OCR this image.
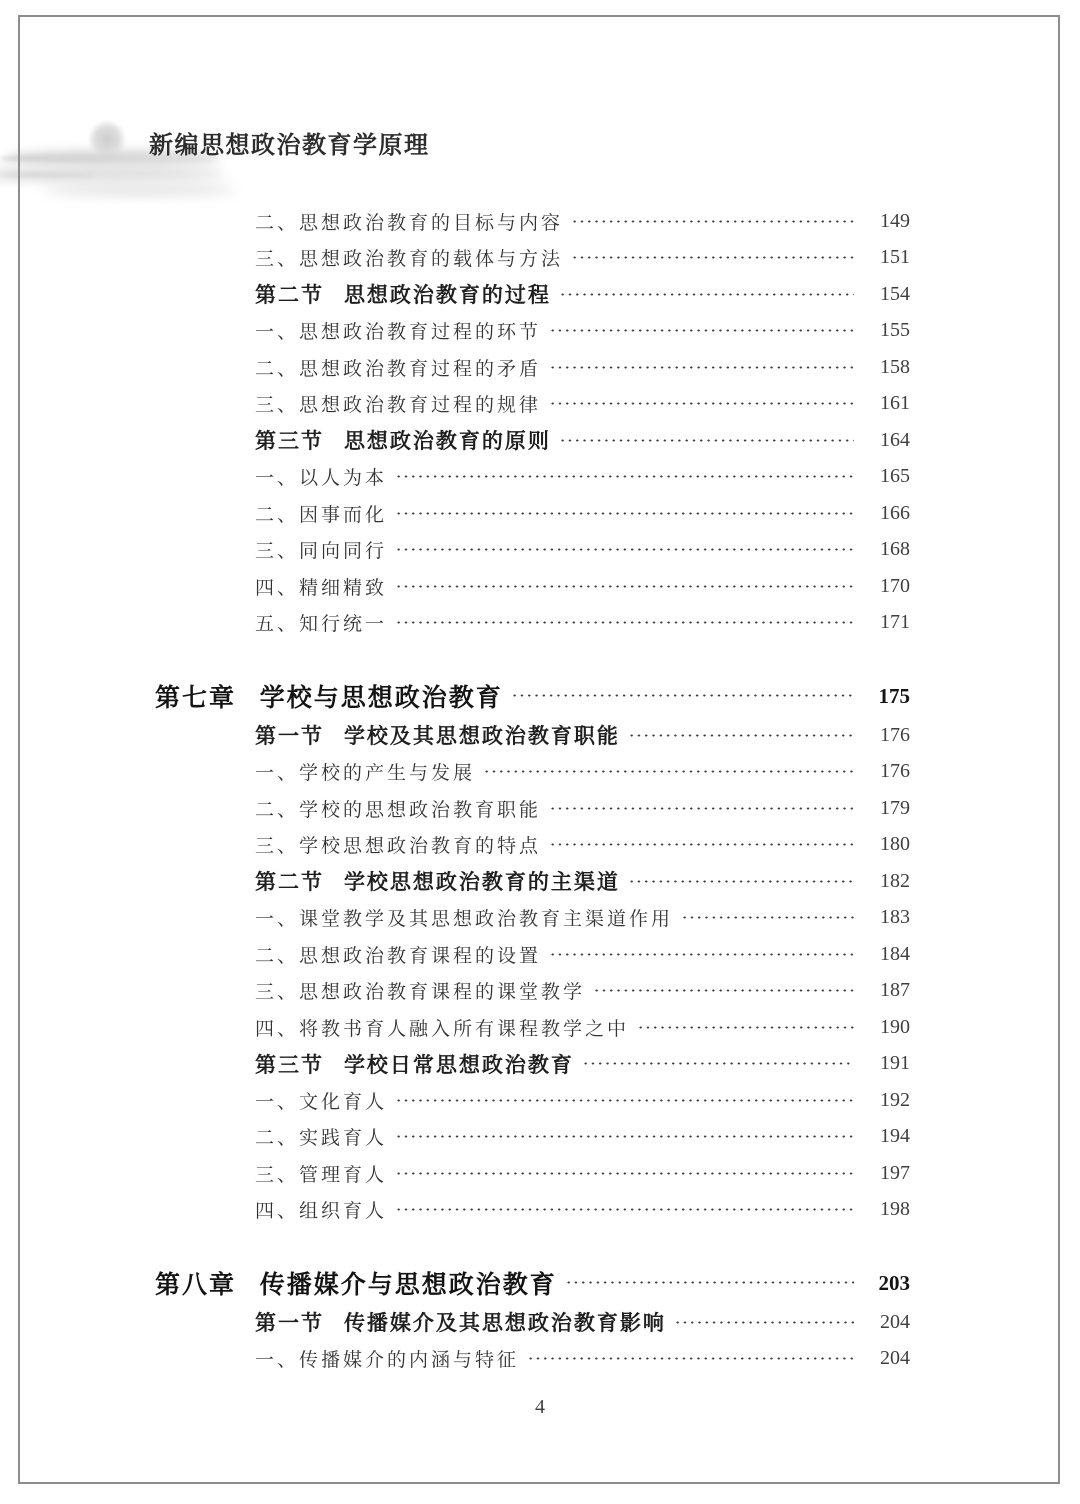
新编思想政治教育学原理
二、思想政治教育的目标与内容	149
三、思想政治教育的载体与方法	151
第二节 思想政治教育的过程	154
一、思想政治教育过程的环节	155
二、思想政治教育过程的矛盾	158
三、思想政治教育过程的规律	161
第三节 思想政治教育的原则	164
一、以人为本	165
二、因事而化	166
三、同向同行	168
四、精细精致	170
五、知行统一	171
第七章 学校与思想政治教育	175
第一节 学校及其思想政治教育职能	176
一、学校的产生与发展	176
二、学校的思想政治教育职能	179
三、学校思想政治教育的特点	180
第二节 学校思想政治教育的主渠道	182
一、课堂教学及其思想政治教育主渠道作用	183
二、思想政治教育课程的设置	184
三、思想政治教育课程的课堂教学	187
四、将教书育人融入所有课程教学之中	190
第三节 学校日常思想政治教育	191
一、文化育人	192
二、实践育人	194
三、管理育人	197
四、组织育人	198
第八章 传播媒介与思想政治教育	203
第一节 传播媒介及其思想政治教育影响	204
一、传播媒介的内涵与特征	204
4
